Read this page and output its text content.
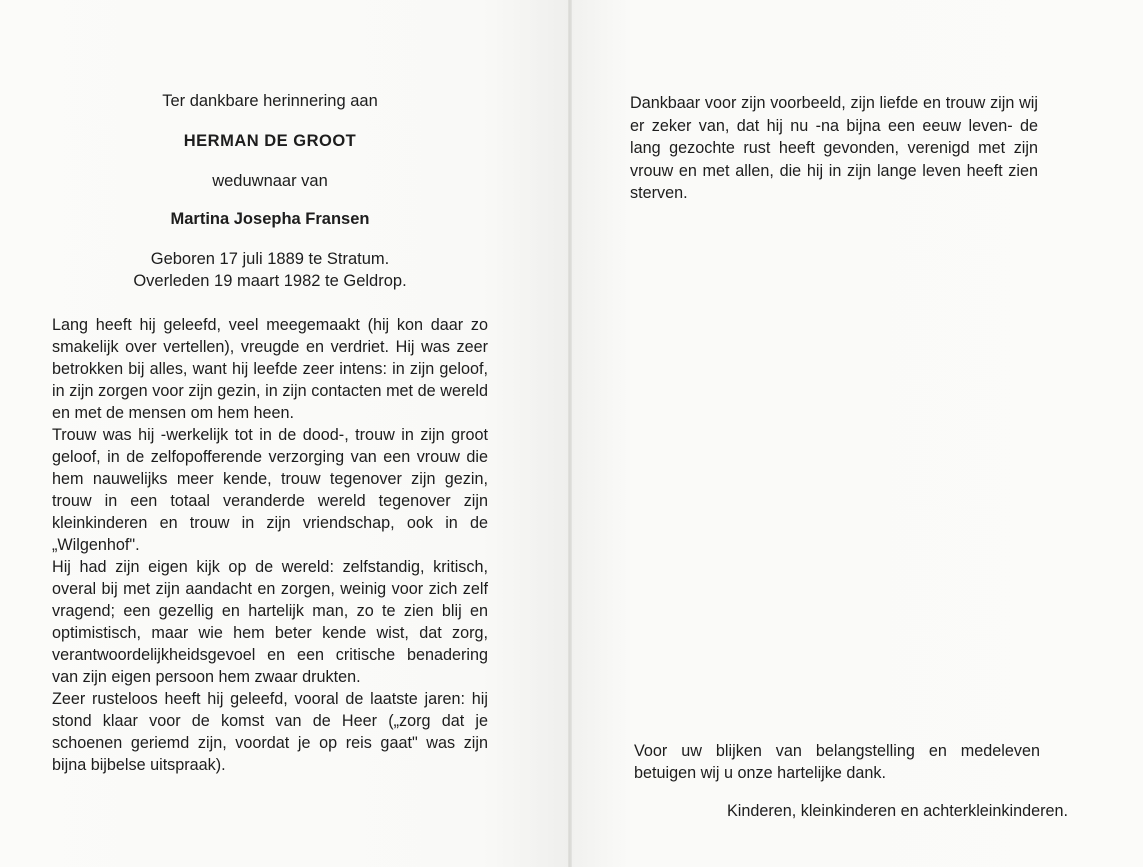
Ter dankbare herinnering aan
HERMAN DE GROOT
weduwnaar van
Martina Josepha Fransen
Geboren 17 juli 1889 te Stratum.
Overleden 19 maart 1982 te Geldrop.

Lang heeft hij geleefd, veel meegemaakt (hij kon daar zo smakelijk over vertellen), vreugde en verdriet. Hij was zeer betrokken bij alles, want hij leefde zeer intens: in zijn geloof, in zijn zorgen voor zijn gezin, in zijn contacten met de wereld en met de mensen om hem heen.

Trouw was hij -werkelijk tot in de dood-, trouw in zijn groot geloof, in de zelfopofferende verzorging van een vrouw die hem nauwelijks meer kende, trouw tegenover zijn gezin, trouw in een totaal veranderde wereld tegenover zijn kleinkinderen en trouw in zijn vriendschap, ook in de „Wilgenhof".

Hij had zijn eigen kijk op de wereld: zelfstandig, kritisch, overal bij met zijn aandacht en zorgen, weinig voor zich zelf vragend; een gezellig en hartelijk man, zo te zien blij en optimistisch, maar wie hem beter kende wist, dat zorg, verantwoordelijkheidsgevoel en een critische benadering van zijn eigen persoon hem zwaar drukten.

Zeer rusteloos heeft hij geleefd, vooral de laatste jaren: hij stond klaar voor de komst van de Heer („zorg dat je schoenen geriemd zijn, voordat je op reis gaat" was zijn bijna bijbelse uitspraak).

Dankbaar voor zijn voorbeeld, zijn liefde en trouw zijn wij er zeker van, dat hij nu -na bijna een eeuw leven- de lang gezochte rust heeft gevonden, verenigd met zijn vrouw en met allen, die hij in zijn lange leven heeft zien sterven.
Voor uw blijken van belangstelling en medeleven betuigen wij u onze hartelijke dank.
Kinderen, kleinkinderen en achterkleinkinderen.
